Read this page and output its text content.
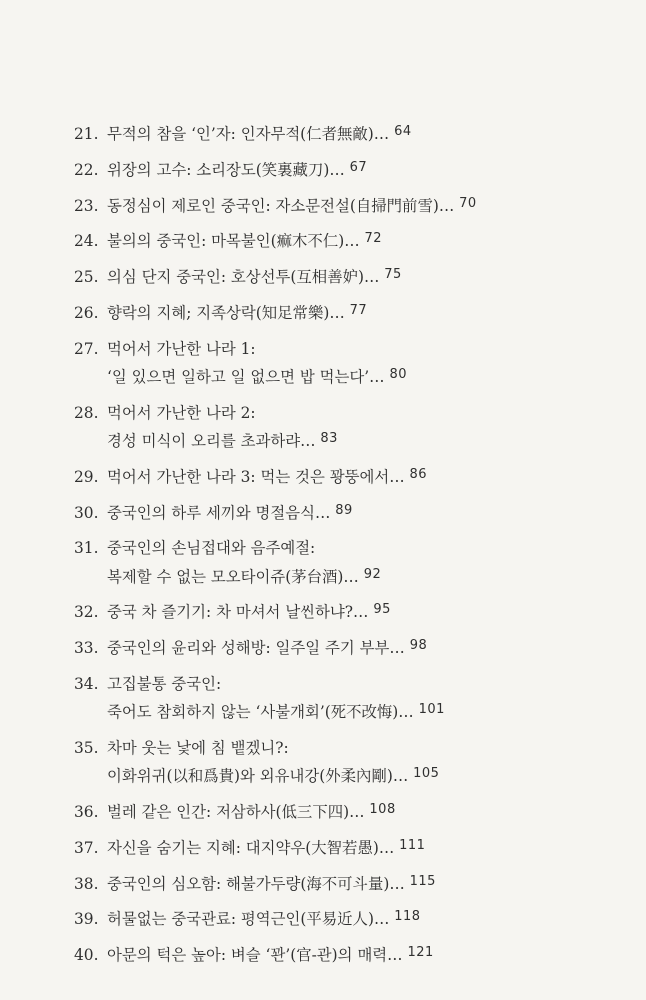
21. 무적의 참을 ‘인’자: 인자무적(仁者無敵)… $^{64}$
22. 위장의 고수: 소리장도(笑裏藏刀)… $^{67}$
23. 동정심이 제로인 중국인: 자소문전설(自掃門前雪)… $^{70}$
24. 불의의 중국인: 마목불인(痲木不仁)… $^{72}$
25. 의심 단지 중국인: 호상선투(互相善妒)… $^{75}$
26. 향락의 지혜; 지족상락(知足常樂)… $^{77}$
27. 먹어서 가난한 나라 1:
‘일 있으면 일하고 일 없으면 밥 먹는다’… $^{80}$
28. 먹어서 가난한 나라 2:
경성 미식이 오리를 초과하랴… $^{83}$
29. 먹어서 가난한 나라 3: 먹는 것은 꽝뚱에서… $^{86}$
30. 중국인의 하루 세끼와 명절음식… $^{89}$
31. 중국인의 손님접대와 음주예절:
복제할 수 없는 모오타이쥬(茅台酒)… $^{92}$
32. 중국 차 즐기기: 차 마셔서 날씬하냐?… $^{95}$
33. 중국인의 윤리와 성해방: 일주일 주기 부부… $^{98}$
34. 고집불통 중국인:
죽어도 참회하지 않는 ‘사불개회’(死不改悔)… $^{101}$
35. 차마 웃는 낯에 침 뱉겠니?:
이화위귀(以和爲貴)와 외유내강(外柔內剛)… $^{105}$
36. 벌레 같은 인간: 저삼하사(低三下四)… $^{108}$
37. 자신을 숨기는 지혜: 대지약우(大智若愚)… $^{111}$
38. 중국인의 심오함: 해불가두량(海不可斗量)… $^{115}$
39. 허물없는 중국관료: 평역근인(平易近人)… $^{118}$
40. 아문의 턱은 높아: 벼슬 ‘꽌’(官-관)의 매력… $^{121}$
